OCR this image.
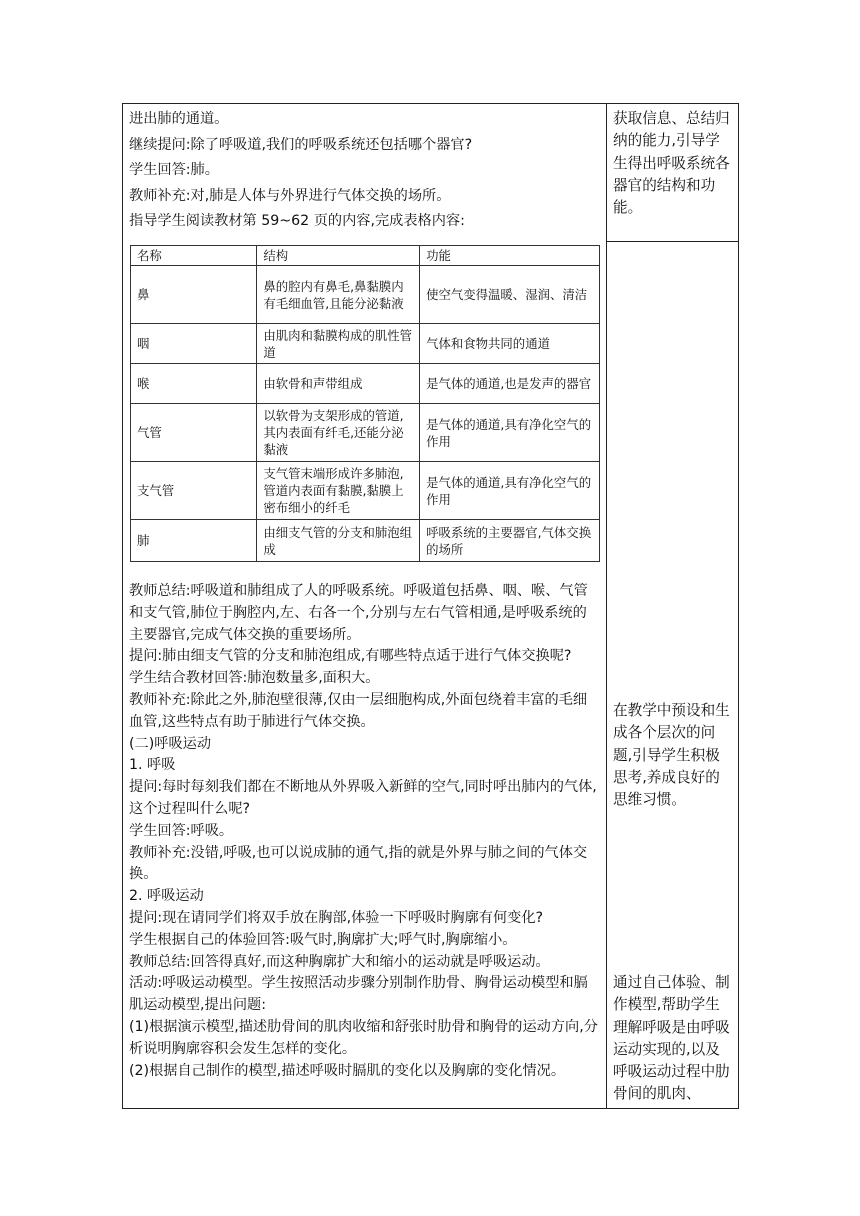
进出肺的通道。

继续提问:除了呼吸道,我们的呼吸系统还包括哪个器官?

学生回答:肺。

教师补充:对,肺是人体与外界进行气体交换的场所。

指导学生阅读教材第 59~62 页的内容,完成表格内容:

名称	结构	功能
鼻	鼻的腔内有鼻毛,鼻黏膜内有毛细血管,且能分泌黏液	使空气变得温暖、湿润、清洁
咽	由肌肉和黏膜构成的肌性管道	气体和食物共同的通道
喉	由软骨和声带组成	是气体的通道,也是发声的器官
气管	以软骨为支架形成的管道,其内表面有纤毛,还能分泌黏液	是气体的通道,具有净化空气的作用
支气管	支气管末端形成许多肺泡,管道内表面有黏膜,黏膜上密布细小的纤毛	是气体的通道,具有净化空气的作用
肺	由细支气管的分支和肺泡组成	呼吸系统的主要器官,气体交换的场所

教师总结:呼吸道和肺组成了人的呼吸系统。呼吸道包括鼻、咽、喉、气管和支气管,肺位于胸腔内,左、右各一个,分别与左右气管相通,是呼吸系统的主要器官,完成气体交换的重要场所。

提问:肺由细支气管的分支和肺泡组成,有哪些特点适于进行气体交换呢?

学生结合教材回答:肺泡数量多,面积大。

教师补充:除此之外,肺泡壁很薄,仅由一层细胞构成,外面包绕着丰富的毛细血管,这些特点有助于肺进行气体交换。

(二)呼吸运动

1. 呼吸

提问:每时每刻我们都在不断地从外界吸入新鲜的空气,同时呼出肺内的气体,这个过程叫什么呢?

学生回答:呼吸。

教师补充:没错,呼吸,也可以说成肺的通气,指的就是外界与肺之间的气体交换。

2. 呼吸运动

提问:现在请同学们将双手放在胸部,体验一下呼吸时胸廓有何变化?

学生根据自己的体验回答:吸气时,胸廓扩大;呼气时,胸廓缩小。

教师总结:回答得真好,而这种胸廓扩大和缩小的运动就是呼吸运动。

活动:呼吸运动模型。学生按照活动步骤分别制作肋骨、胸骨运动模型和膈肌运动模型,提出问题:

(1)根据演示模型,描述肋骨间的肌肉收缩和舒张时肋骨和胸骨的运动方向,分析说明胸廓容积会发生怎样的变化。

(2)根据自己制作的模型,描述呼吸时膈肌的变化以及胸廓的变化情况。

获取信息、总结归纳的能力,引导学生得出呼吸系统各器官的结构和功能。
在教学中预设和生成各个层次的问题,引导学生积极思考,养成良好的思维习惯。
通过自己体验、制作模型,帮助学生理解呼吸是由呼吸运动实现的,以及呼吸运动过程中肋骨间的肌肉、
